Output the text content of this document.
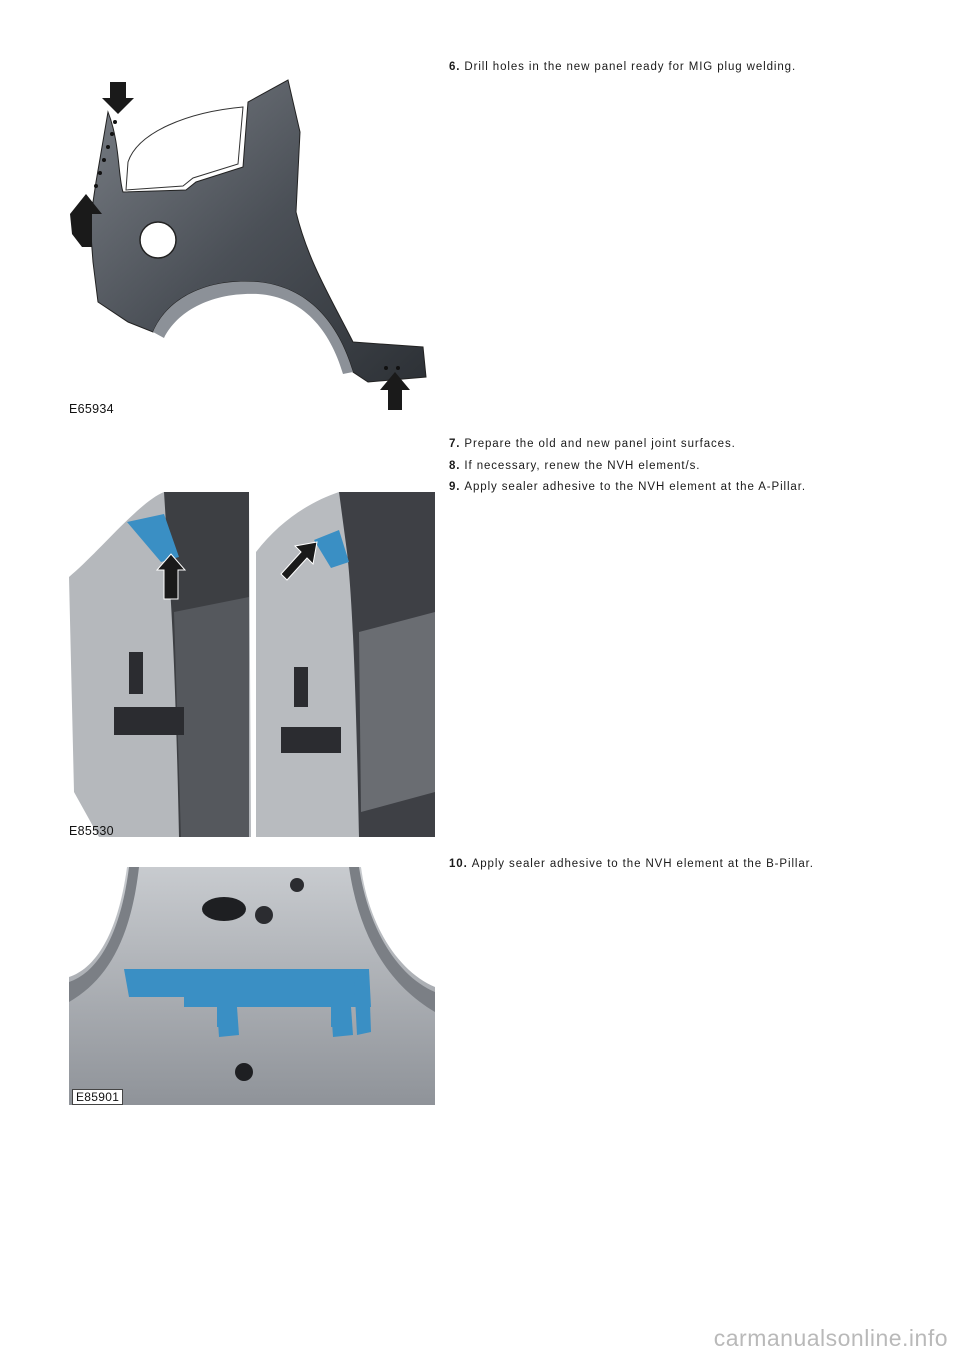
6. Drill holes in the new panel ready for MIG plug welding.
7. Prepare the old and new panel joint surfaces.
8. If necessary, renew the NVH element/s.
9. Apply sealer adhesive to the NVH element at the A-Pillar.
10. Apply sealer adhesive to the NVH element at the B-Pillar.
E65934
E85530
E85901
carmanualsonline.info
